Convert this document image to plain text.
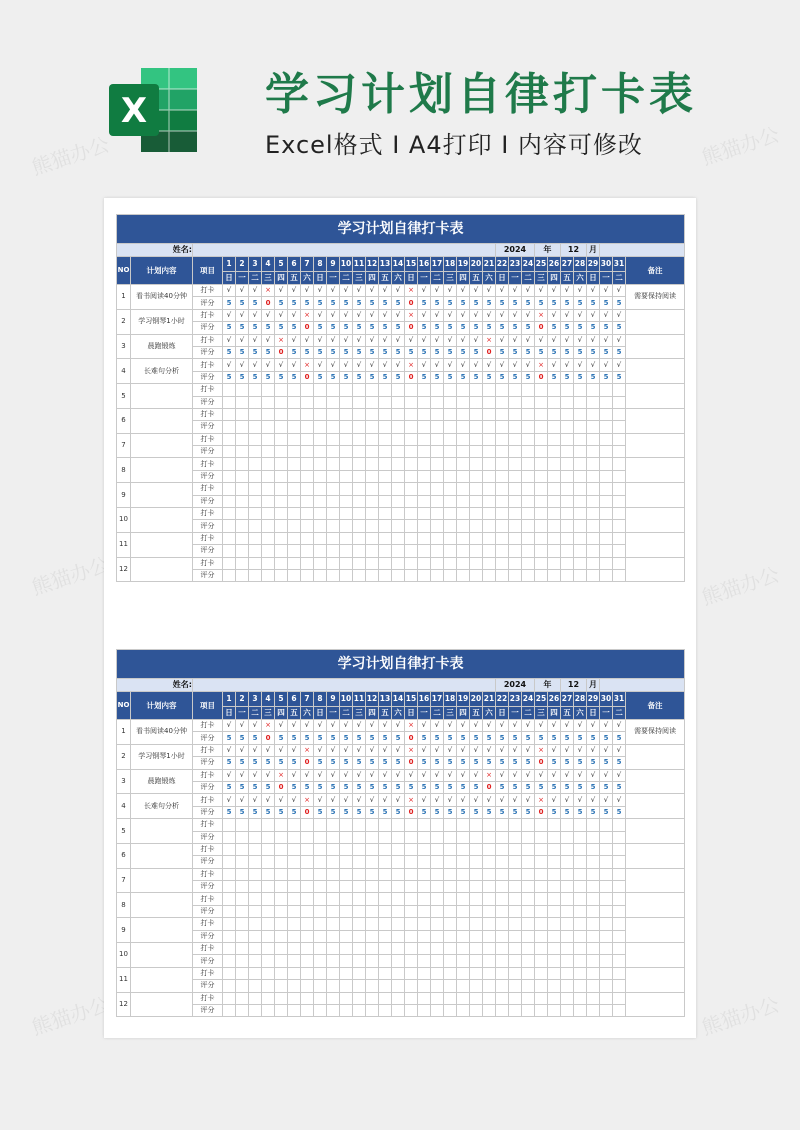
熊猫办公	熊猫办公
熊猫办公	熊猫办公
熊猫办公	熊猫办公
X	学习计划自律打卡表
Excel格式 Ⅰ A4打印 Ⅰ 内容可修改
学习计划自律打卡表																																		
姓名:																								2024			年		12		月			
NO	计划内容	项目	1	2	3	4	5	6	7	8	9	10	11	12	13	14	15	16	17	18	19	20	21	22	23	24	25	26	27	28	29	30	31	备注
			日	一	二	三	四	五	六	日	一	二	三	四	五	六	日	一	二	三	四	五	六	日	一	二	三	四	五	六	日	一	二	
1	看书阅读40分钟	打卡	√	√	√	×	√	√	√	√	√	√	√	√	√	√	×	√	√	√	√	√	√	√	√	√	√	√	√	√	√	√	√	需要保持阅读
		评分	5	5	5	0	5	5	5	5	5	5	5	5	5	5	0	5	5	5	5	5	5	5	5	5	5	5	5	5	5	5	5	
2	学习钢琴1小时	打卡	√	√	√	√	√	√	×	√	√	√	√	√	√	√	×	√	√	√	√	√	√	√	√	√	×	√	√	√	√	√	√	
		评分	5	5	5	5	5	5	0	5	5	5	5	5	5	5	0	5	5	5	5	5	5	5	5	5	0	5	5	5	5	5	5	
3	晨跑锻炼	打卡	√	√	√	√	×	√	√	√	√	√	√	√	√	√	√	√	√	√	√	√	×	√	√	√	√	√	√	√	√	√	√	
		评分	5	5	5	5	0	5	5	5	5	5	5	5	5	5	5	5	5	5	5	5	0	5	5	5	5	5	5	5	5	5	5	
4	长难句分析	打卡	√	√	√	√	√	√	×	√	√	√	√	√	√	√	×	√	√	√	√	√	√	√	√	√	×	√	√	√	√	√	√	
		评分	5	5	5	5	5	5	0	5	5	5	5	5	5	5	0	5	5	5	5	5	5	5	5	5	0	5	5	5	5	5	5	
5		打卡																																
		评分																																
6		打卡																																
		评分																																
7		打卡																																
		评分																																
8		打卡																																
		评分																																
9		打卡																																
		评分																																
10		打卡																																
		评分																																
11		打卡																																
		评分																																
12		打卡																																
		评分																																
学习计划自律打卡表																																		
姓名:																								2024			年		12		月			
NO	计划内容	项目	1	2	3	4	5	6	7	8	9	10	11	12	13	14	15	16	17	18	19	20	21	22	23	24	25	26	27	28	29	30	31	备注
			日	一	二	三	四	五	六	日	一	二	三	四	五	六	日	一	二	三	四	五	六	日	一	二	三	四	五	六	日	一	二	
1	看书阅读40分钟	打卡	√	√	√	×	√	√	√	√	√	√	√	√	√	√	×	√	√	√	√	√	√	√	√	√	√	√	√	√	√	√	√	需要保持阅读
		评分	5	5	5	0	5	5	5	5	5	5	5	5	5	5	0	5	5	5	5	5	5	5	5	5	5	5	5	5	5	5	5	
2	学习钢琴1小时	打卡	√	√	√	√	√	√	×	√	√	√	√	√	√	√	×	√	√	√	√	√	√	√	√	√	×	√	√	√	√	√	√	
		评分	5	5	5	5	5	5	0	5	5	5	5	5	5	5	0	5	5	5	5	5	5	5	5	5	0	5	5	5	5	5	5	
3	晨跑锻炼	打卡	√	√	√	√	×	√	√	√	√	√	√	√	√	√	√	√	√	√	√	√	×	√	√	√	√	√	√	√	√	√	√	
		评分	5	5	5	5	0	5	5	5	5	5	5	5	5	5	5	5	5	5	5	5	0	5	5	5	5	5	5	5	5	5	5	
4	长难句分析	打卡	√	√	√	√	√	√	×	√	√	√	√	√	√	√	×	√	√	√	√	√	√	√	√	√	×	√	√	√	√	√	√	
		评分	5	5	5	5	5	5	0	5	5	5	5	5	5	5	0	5	5	5	5	5	5	5	5	5	0	5	5	5	5	5	5	
5		打卡																																
		评分																																
6		打卡																																
		评分																																
7		打卡																																
		评分																																
8		打卡																																
		评分																																
9		打卡																																
		评分																																
10		打卡																																
		评分																																
11		打卡																																
		评分																																
12		打卡																																
		评分																																
